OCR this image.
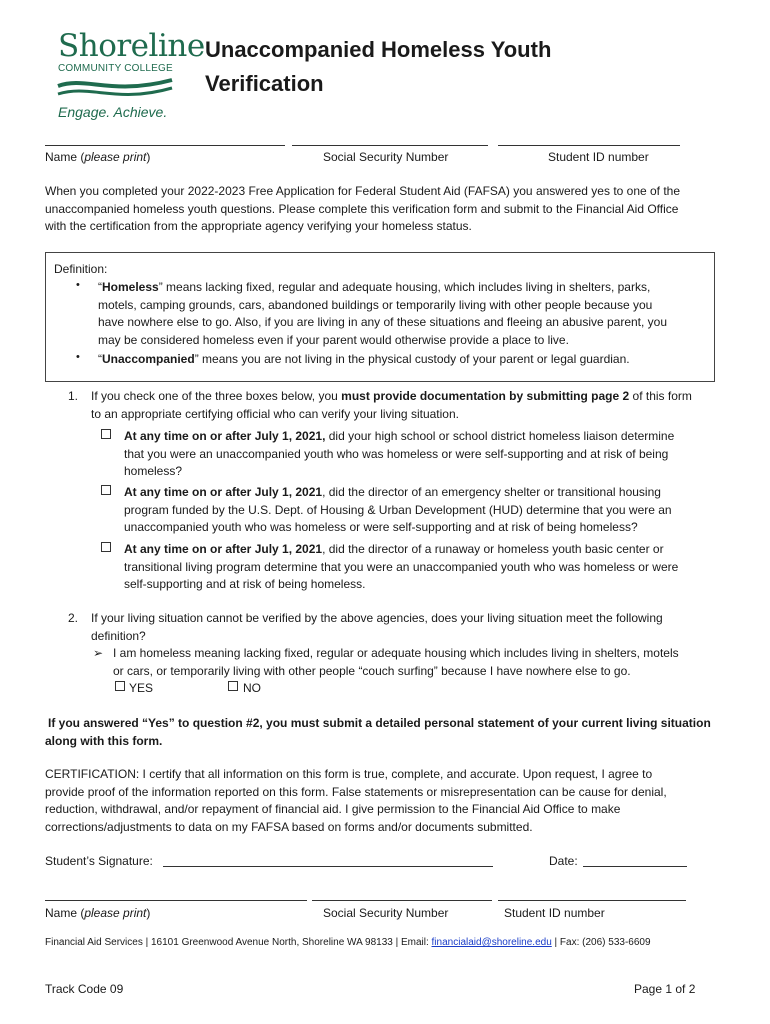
Shoreline
COMMUNITY COLLEGE
Engage. Achieve.
Unaccompanied Homeless Youth
Verification
Name (please print)	Social Security Number	Student ID number
When you completed your 2022-2023 Free Application for Federal Student Aid (FAFSA) you answered yes to one of the
unaccompanied homeless youth questions. Please complete this verification form and submit to the Financial Aid Office
with the certification from the appropriate agency verifying your homeless status.
Definition:
• “Homeless” means lacking fixed, regular and adequate housing, which includes living in shelters, parks,
motels, camping grounds, cars, abandoned buildings or temporarily living with other people because you
have nowhere else to go. Also, if you are living in any of these situations and fleeing an abusive parent, you
may be considered homeless even if your parent would otherwise provide a place to live.
• “Unaccompanied” means you are not living in the physical custody of your parent or legal guardian.
1. If you check one of the three boxes below, you must provide documentation by submitting page 2 of this form
to an appropriate certifying official who can verify your living situation.
At any time on or after July 1, 2021, did your high school or school district homeless liaison determine
that you were an unaccompanied youth who was homeless or were self-supporting and at risk of being
homeless?
At any time on or after July 1, 2021, did the director of an emergency shelter or transitional housing
program funded by the U.S. Dept. of Housing & Urban Development (HUD) determine that you were an
unaccompanied youth who was homeless or were self-supporting and at risk of being homeless?
At any time on or after July 1, 2021, did the director of a runaway or homeless youth basic center or
transitional living program determine that you were an unaccompanied youth who was homeless or were
self-supporting and at risk of being homeless.
2. If your living situation cannot be verified by the above agencies, does your living situation meet the following
definition?
➢ I am homeless meaning lacking fixed, regular or adequate housing which includes living in shelters, motels
or cars, or temporarily living with other people “couch surfing” because I have nowhere else to go.
YES	NO
If you answered “Yes” to question #2, you must submit a detailed personal statement of your current living situation
along with this form.
CERTIFICATION: I certify that all information on this form is true, complete, and accurate. Upon request, I agree to
provide proof of the information reported on this form. False statements or misrepresentation can be cause for denial,
reduction, withdrawal, and/or repayment of financial aid. I give permission to the Financial Aid Office to make
corrections/adjustments to data on my FAFSA based on forms and/or documents submitted.
Student’s Signature:	Date:
Name (please print)	Social Security Number	Student ID number
Financial Aid Services | 16101 Greenwood Avenue North, Shoreline WA 98133 | Email: financialaid@shoreline.edu | Fax: (206) 533-6609
Track Code 09	Page 1 of 2
